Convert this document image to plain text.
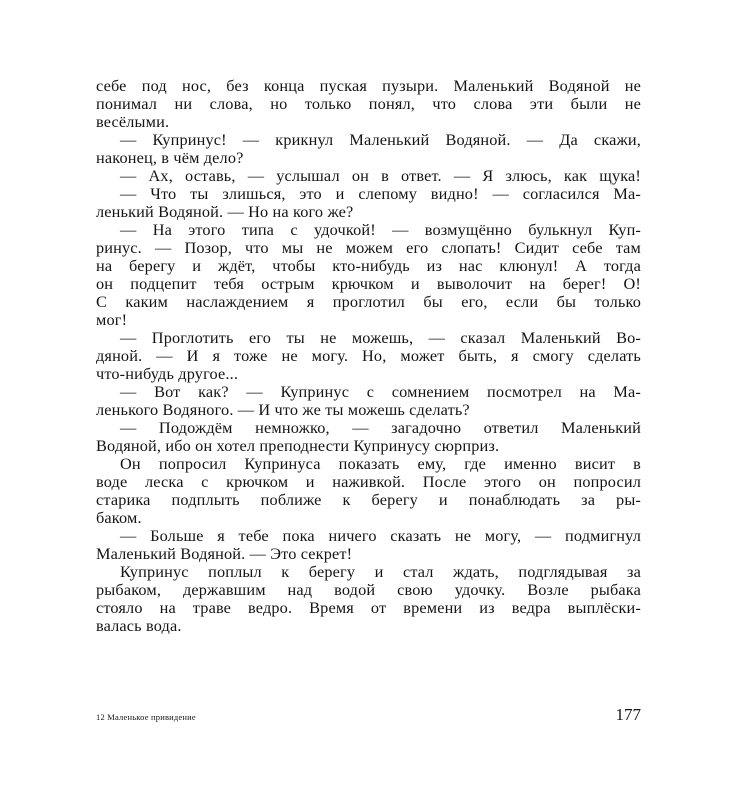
себе под нос, без конца пуская пузыри. Маленький Водяной не
понимал ни слова, но только понял, что слова эти были не
весёлыми.
— Купринус! — крикнул Маленький Водяной. — Да скажи,
наконец, в чём дело?
— Ах, оставь, — услышал он в ответ. — Я злюсь, как щука!
— Что ты злишься, это и слепому видно! — согласился Ма-
ленький Водяной. — Но на кого же?
— На этого типа с удочкой! — возмущённо булькнул Куп-
ринус. — Позор, что мы не можем его слопать! Сидит себе там
на берегу и ждёт, чтобы кто-нибудь из нас клюнул! А тогда
он подцепит тебя острым крючком и выволочит на берег! О!
С каким наслаждением я проглотил бы его, если бы только
мог!
— Проглотить его ты не можешь, — сказал Маленький Во-
дяной. — И я тоже не могу. Но, может быть, я смогу сделать
что-нибудь другое...
— Вот как? — Купринус с сомнением посмотрел на Ма-
ленького Водяного. — И что же ты можешь сделать?
— Подождём немножко, — загадочно ответил Маленький
Водяной, ибо он хотел преподнести Купринусу сюрприз.
Он попросил Купринуса показать ему, где именно висит в
воде леска с крючком и наживкой. После этого он попросил
старика подплыть поближе к берегу и понаблюдать за ры-
баком.
— Больше я тебе пока ничего сказать не могу, — подмигнул
Маленький Водяной. — Это секрет!
Купринус поплыл к берегу и стал ждать, подглядывая за
рыбаком, державшим над водой свою удочку. Возле рыбака
стояло на траве ведро. Время от времени из ведра выплёски-
валась вода.
12 Маленькое привидение	177
